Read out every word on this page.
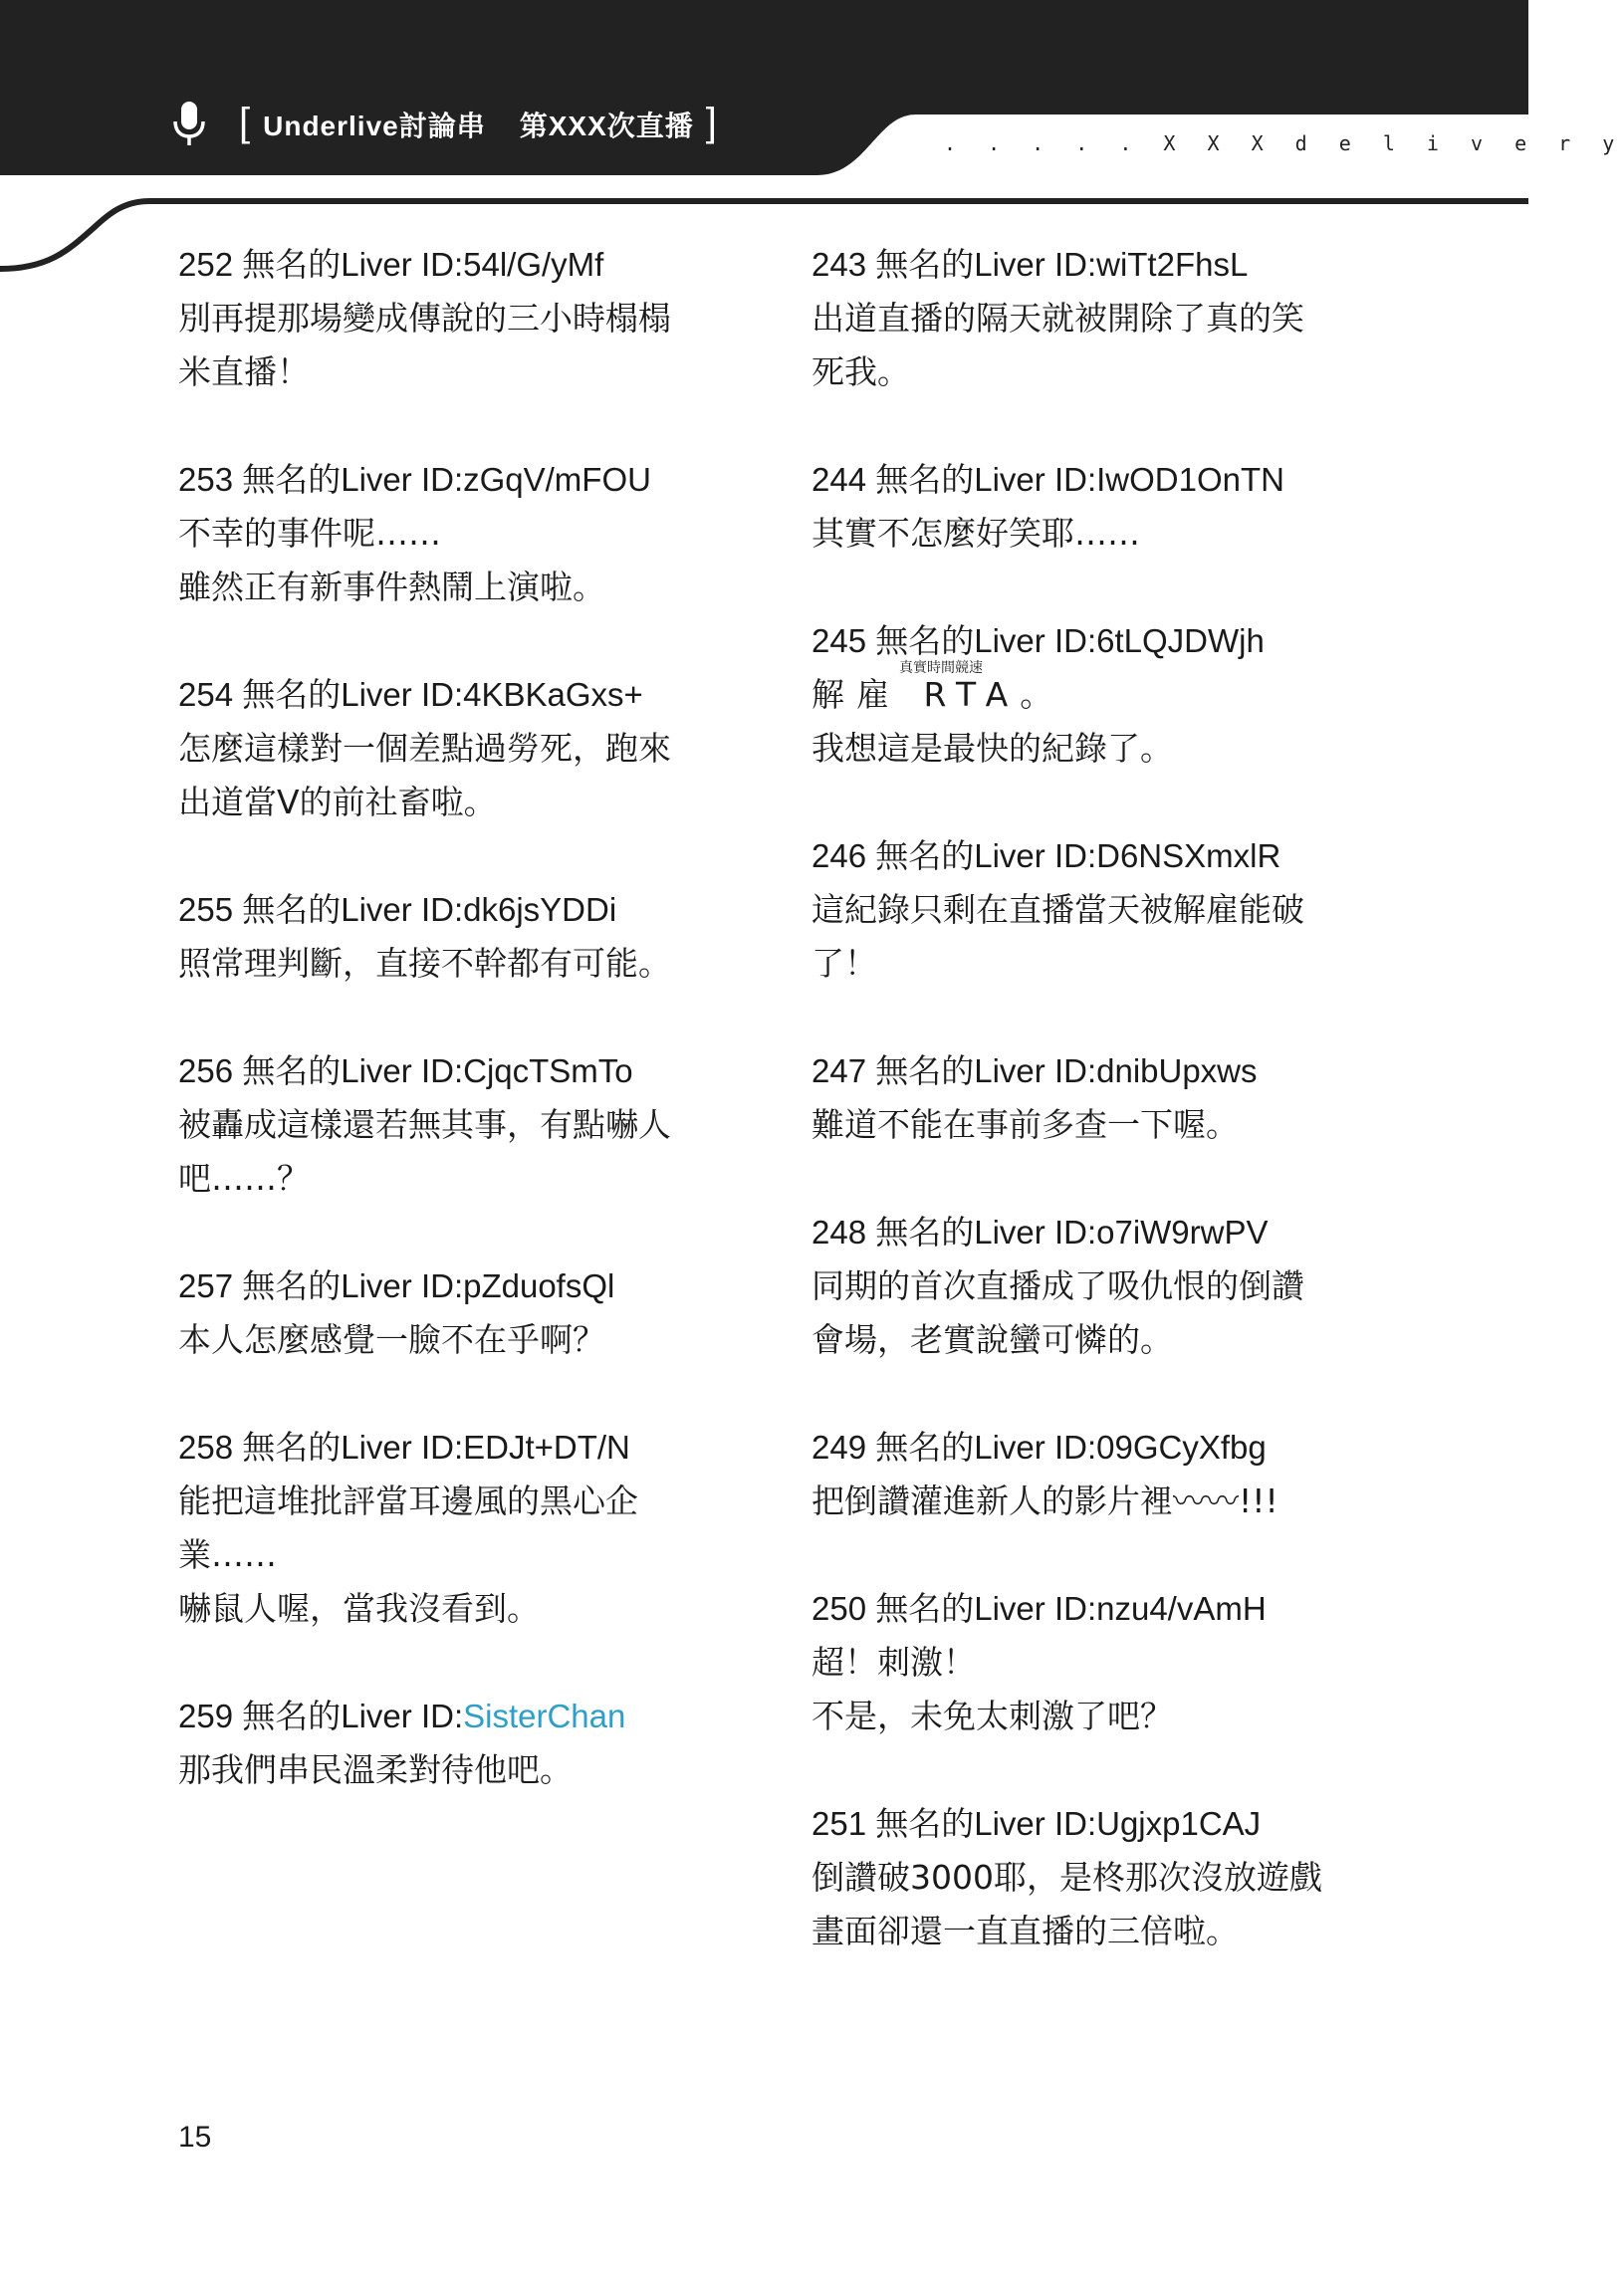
[ Underlive討論串 第XXX次直播 ]	. . . . . X X X d e l i v e r y
252 無名的Liver ID:54l/G/yMf
別再提那場變成傳說的三小時榻榻
米直播！
253 無名的Liver ID:zGqV/mFOU
不幸的事件呢……
雖然正有新事件熱鬧上演啦。
254 無名的Liver ID:4KBKaGxs+
怎麼這樣對一個差點過勞死，跑來
出道當V的前社畜啦。
255 無名的Liver ID:dk6jsYDDi
照常理判斷，直接不幹都有可能。
256 無名的Liver ID:CjqcTSmTo
被轟成這樣還若無其事，有點嚇人
吧……？
257 無名的Liver ID:pZduofsQl
本人怎麼感覺一臉不在乎啊？
258 無名的Liver ID:EDJt+DT/N
能把這堆批評當耳邊風的黑心企
業……
嚇鼠人喔，當我沒看到。
259 無名的Liver ID:SisterChan
那我們串民溫柔對待他吧。
243 無名的Liver ID:wiTt2FhsL
出道直播的隔天就被開除了真的笑
死我。
244 無名的Liver ID:IwOD1OnTN
其實不怎麼好笑耶……
245 無名的Liver ID:6tLQJDWjh
真實時間競速
解雇 RTA。
我想這是最快的紀錄了。
246 無名的Liver ID:D6NSXmxlR
這紀錄只剩在直播當天被解雇能破
了！
247 無名的Liver ID:dnibUpxws
難道不能在事前多查一下喔。
248 無名的Liver ID:o7iW9rwPV
同期的首次直播成了吸仇恨的倒讚
會場，老實說蠻可憐的。
249 無名的Liver ID:09GCyXfbg
把倒讚灌進新人的影片裡〰〰!!!
250 無名的Liver ID:nzu4/vAmH
超！刺激！
不是，未免太刺激了吧？
251 無名的Liver ID:Ugjxp1CAJ
倒讚破3000耶，是柊那次沒放遊戲
畫面卻還一直直播的三倍啦。
15
